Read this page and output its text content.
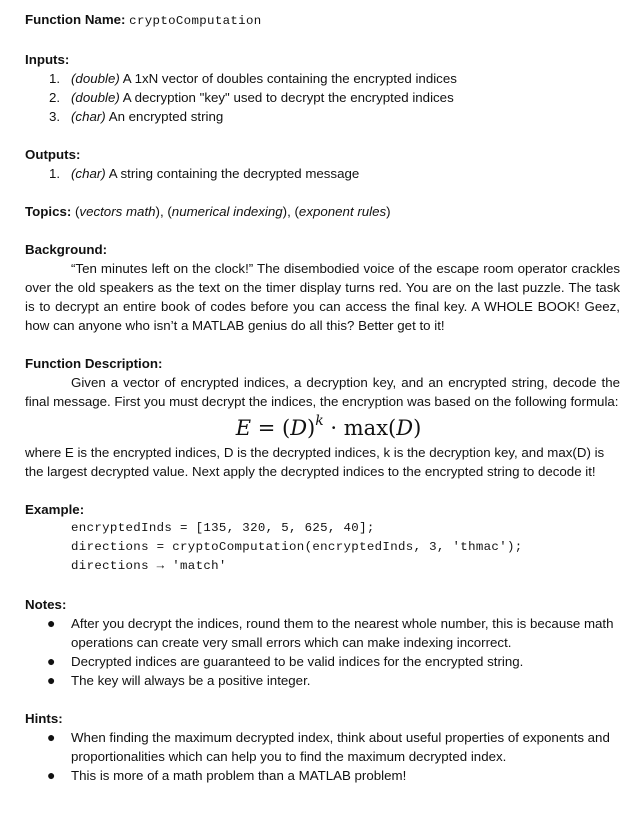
Function Name: cryptoComputation

Inputs:

1. (double) A 1xN vector of doubles containing the encrypted indices
2. (double) A decryption "key" used to decrypt the encrypted indices
3. (char) An encrypted string

Outputs:

1. (char) A string containing the decrypted message

Topics: (vectors math), (numerical indexing), (exponent rules)

Background:

“Ten minutes left on the clock!” The disembodied voice of the escape room operator crackles over the old speakers as the text on the timer display turns red. You are on the last puzzle. The task is to decrypt an entire book of codes before you can access the final key. A WHOLE BOOK! Geez, how can anyone who isn’t a MATLAB genius do all this? Better get to it!

Function Description:

Given a vector of encrypted indices, a decryption key, and an encrypted string, decode the final message. First you must decrypt the indices, the encryption was based on the following formula:

$E = (D)^k \cdot \max(D)$

where E is the encrypted indices, D is the decrypted indices, k is the decryption key, and max(D) is the largest decrypted value. Next apply the decrypted indices to the encrypted string to decode it!

Example:

encryptedInds = [135, 320, 5, 625, 40];
directions = cryptoComputation(encryptedInds, 3, 'thmac');
directions → 'match'

Notes:

● After you decrypt the indices, round them to the nearest whole number, this is because math operations can create very small errors which can make indexing incorrect.
● Decrypted indices are guaranteed to be valid indices for the encrypted string.
● The key will always be a positive integer.

Hints:

● When finding the maximum decrypted index, think about useful properties of exponents and proportionalities which can help you to find the maximum decrypted index.
● This is more of a math problem than a MATLAB problem!
